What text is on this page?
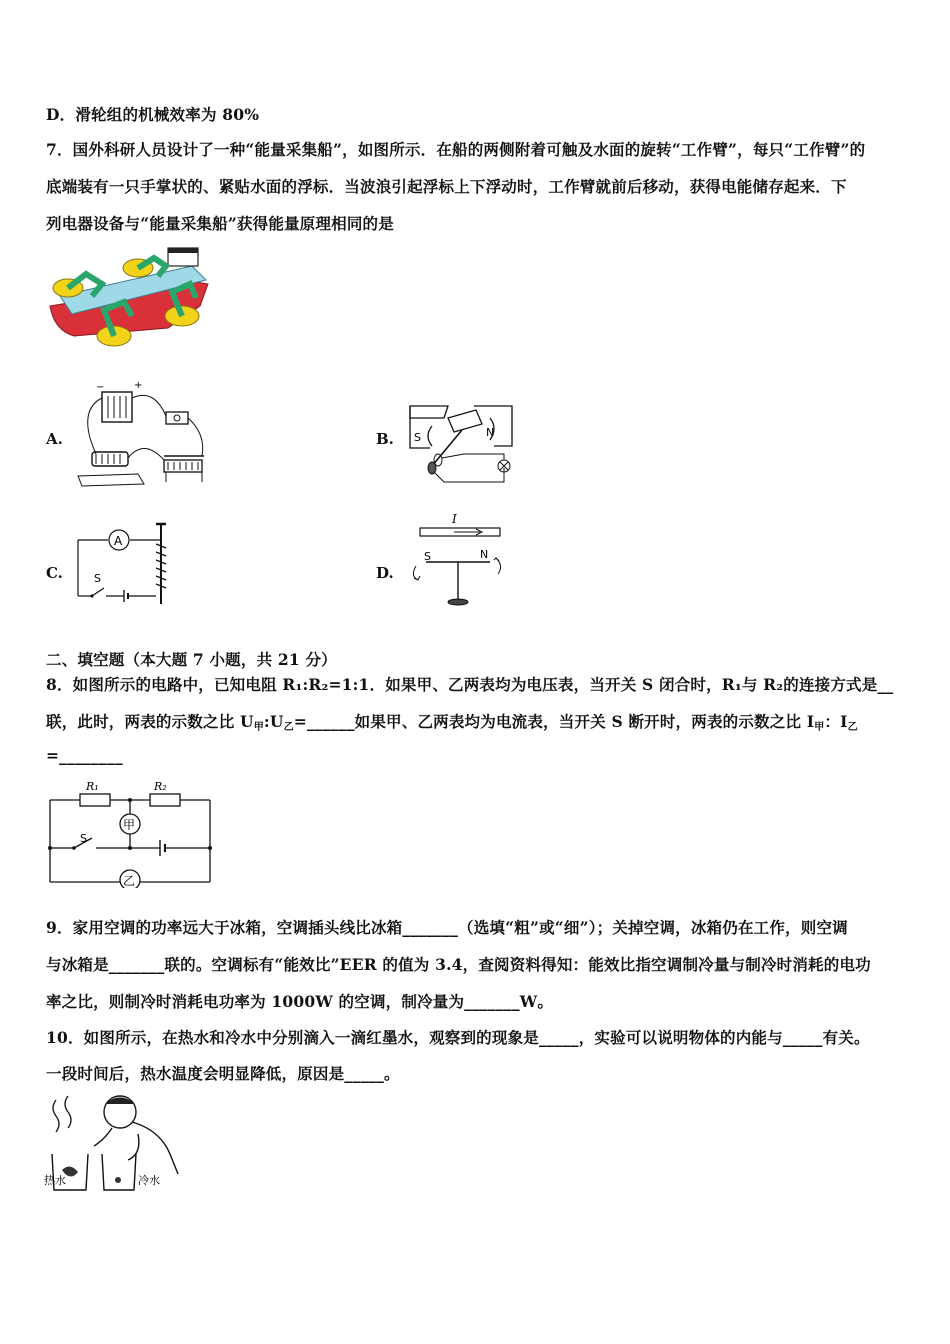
D．滑轮组的机械效率为 80%
7．国外科研人员设计了一种“能量采集船”，如图所示．在船的两侧附着可触及水面的旋转“工作臂”，每只“工作臂”的
底端装有一只手掌状的、紧贴水面的浮标．当波浪引起浮标上下浮动时，工作臂就前后移动，获得电能储存起来．下
列电器设备与“能量采集船”获得能量原理相同的是
A.
−	+
B. S	N
C.
A
S	D.
I
S	N
二、填空题（本大题 7 小题，共 21 分）
8．如图所示的电路中，已知电阻 R₁:R₂=1:1．如果甲、乙两表均为电压表，当开关 S 闭合时，R₁与 R₂的连接方式是__
联，此时，两表的示数之比 $U_甲:U_乙=\_\_\_\_\_\_$如果甲、乙两表均为电流表，当开关 S 断开时，两表的示数之比 $I_甲$：$I_乙$
=________
R₁	R₂
甲
S
乙
9．家用空调的功率远大于冰箱，空调插头线比冰箱_______（选填“粗”或“细”）；关掉空调，冰箱仍在工作，则空调
与冰箱是_______联的。空调标有“能效比”EER 的值为 3.4，查阅资料得知：能效比指空调制冷量与制冷时消耗的电功
率之比，则制冷时消耗电功率为 1000W 的空调，制冷量为_______W。
10．如图所示，在热水和冷水中分别滴入一滴红墨水，观察到的现象是_____，实验可以说明物体的内能与_____有关。
一段时间后，热水温度会明显降低，原因是_____。
热水	冷水
